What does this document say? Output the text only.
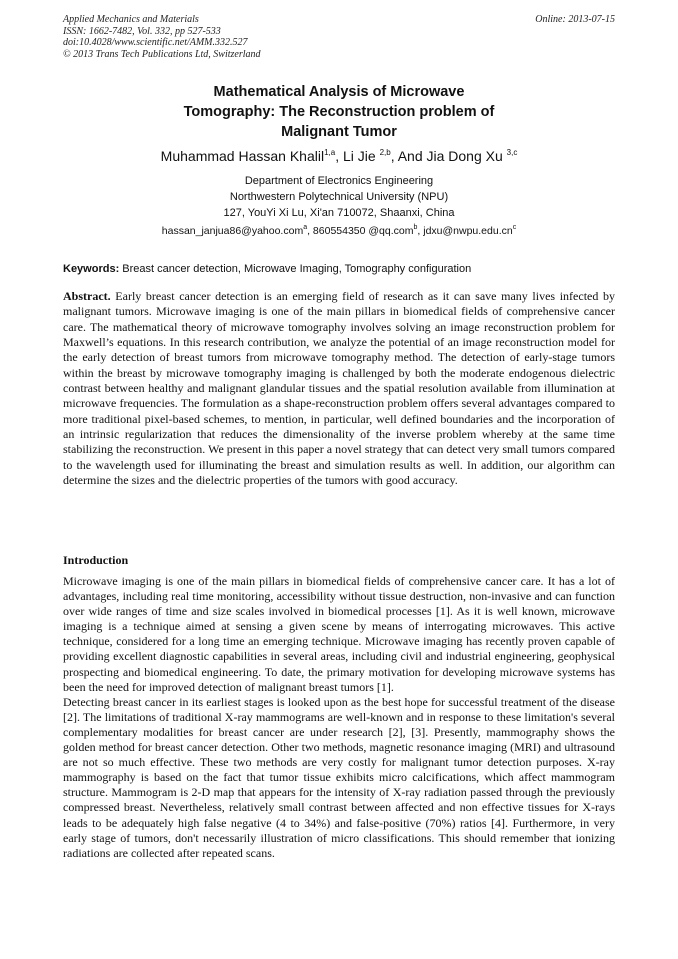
Applied Mechanics and Materials
ISSN: 1662-7482, Vol. 332, pp 527-533
doi:10.4028/www.scientific.net/AMM.332.527
© 2013 Trans Tech Publications Ltd, Switzerland
Online: 2013-07-15
Mathematical Analysis of Microwave
Tomography: The Reconstruction problem of
Malignant Tumor
Muhammad Hassan Khalil$^{1,a}$, Li Jie $^{2,b}$, And Jia Dong Xu $^{3,c}$
Department of Electronics Engineering
Northwestern Polytechnical University (NPU)
127, YouYi Xi Lu, Xi'an 710072, Shaanxi, China
hassan_janjua86@yahoo.com$^a$, 860554350 @qq.com$^b$, $jdxu@nwpu.edu.cn^c$
Keywords: Breast cancer detection, Microwave Imaging, Tomography configuration

Abstract. Early breast cancer detection is an emerging field of research as it can save many lives infected by malignant tumors. Microwave imaging is one of the main pillars in biomedical fields of comprehensive cancer care. The mathematical theory of microwave tomography involves solving an image reconstruction problem for Maxwell’s equations. In this research contribution, we analyze the potential of an image reconstruction model for the early detection of breast tumors from microwave tomography method. The detection of early-stage tumors within the breast by microwave tomography imaging is challenged by both the moderate endogenous dielectric contrast between healthy and malignant glandular tissues and the spatial resolution available from illumination at microwave frequencies. The formulation as a shape-reconstruction problem offers several advantages compared to more traditional pixel-based schemes, to mention, in particular, well defined boundaries and the incorporation of an intrinsic regularization that reduces the dimensionality of the inverse problem whereby at the same time stabilizing the reconstruction. We present in this paper a novel strategy that can detect very small tumors compared to the wavelength used for illuminating the breast and simulation results as well. In addition, our algorithm can determine the sizes and the dielectric properties of the tumors with good accuracy.

Introduction

Microwave imaging is one of the main pillars in biomedical fields of comprehensive cancer care. It has a lot of advantages, including real time monitoring, accessibility without tissue destruction, non-invasive and can function over wide ranges of time and size scales involved in biomedical processes [1]. As it is well known, microwave imaging is a technique aimed at sensing a given scene by means of interrogating microwaves. This active technique, considered for a long time an emerging technique. Microwave imaging has recently proven capable of providing excellent diagnostic capabilities in several areas, including civil and industrial engineering, geophysical prospecting and biomedical engineering. To date, the primary motivation for developing microwave systems has been the need for improved detection of malignant breast tumors [1].

Detecting breast cancer in its earliest stages is looked upon as the best hope for successful treatment of the disease [2]. The limitations of traditional X-ray mammograms are well-known and in response to these limitation's several complementary modalities for breast cancer are under research [2], [3]. Presently, mammography shows the golden method for breast cancer detection. Other two methods, magnetic resonance imaging (MRI) and ultrasound are not so much effective. These two methods are very costly for malignant tumor detection purposes. X-ray mammography is based on the fact that tumor tissue exhibits micro calcifications, which affect mammogram structure. Mammogram is 2-D map that appears for the intensity of X-ray radiation passed through the previously compressed breast. Nevertheless, relatively small contrast between affected and non effective tissues for X-rays leads to be adequately high false negative (4 to 34%) and false-positive (70%) ratios [4]. Furthermore, in very early stage of tumors, don't necessarily illustration of micro classifications. This should remember that ionizing radiations are collected after repeated scans.
